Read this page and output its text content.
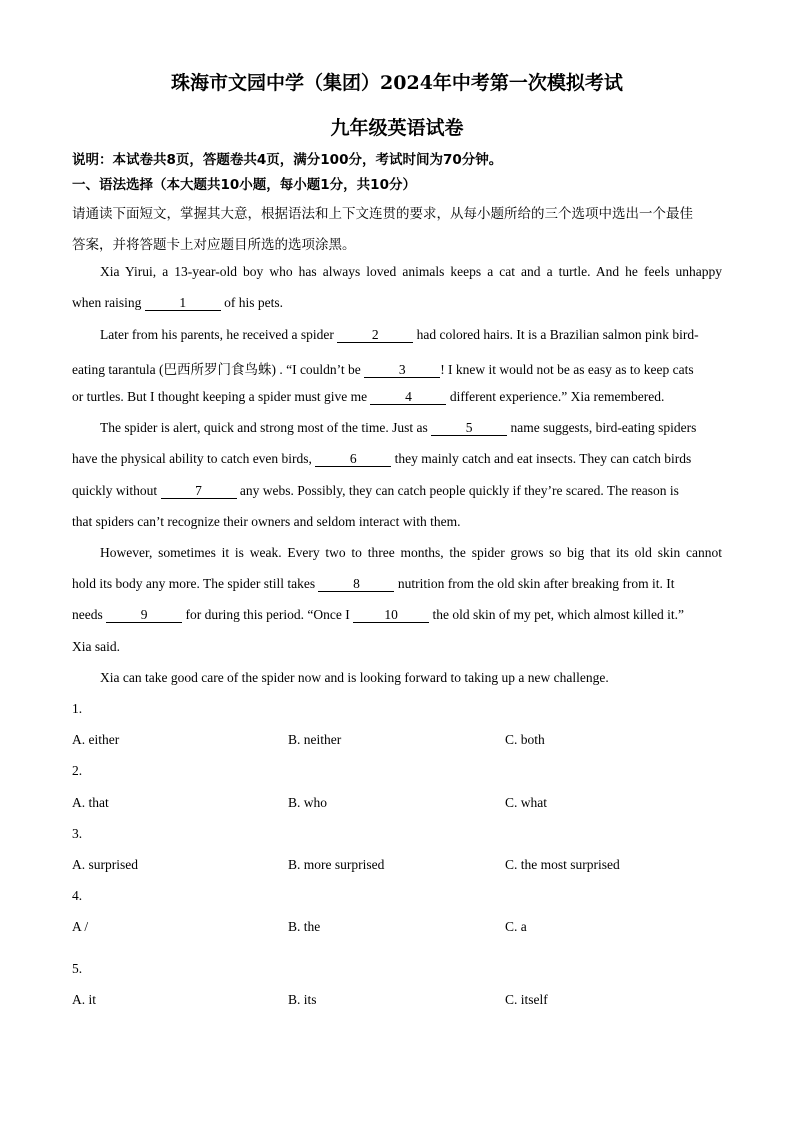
珠海市文园中学（集团）2024年中考第一次模拟考试
九年级英语试卷
说明：本试卷共8页，答题卷共4页，满分100分，考试时间为70分钟。
一、语法选择（本大题共10小题，每小题1分，共10分）
请通读下面短文，掌握其大意，根据语法和上下文连贯的要求，从每小题所给的三个选项中选出一个最佳
答案，并将答题卡上对应题目所选的选项涂黑。
Xia Yirui, a 13-year-old boy who has always loved animals keeps a cat and a turtle. And he feels unhappy
when raising	1	of his pets.
Later from his parents, he received a spider	2	had colored hairs. It is a Brazilian salmon pink bird-
eating tarantula (巴西所罗门食鸟蛛) . “I couldn’t be	3	! I knew it would not be as easy as to keep cats
or turtles. But I thought keeping a spider must give me	4	different experience.” Xia remembered.
The spider is alert, quick and strong most of the time. Just as	5	name suggests, bird-eating spiders
have the physical ability to catch even birds,	6	they mainly catch and eat insects. They can catch birds
quickly without	7	any webs. Possibly, they can catch people quickly if they’re scared. The reason is
that spiders can’t recognize their owners and seldom interact with them.
However, sometimes it is weak. Every two to three months, the spider grows so big that its old skin cannot
hold its body any more. The spider still takes	8	nutrition from the old skin after breaking from it. It
needs	9	for during this period. “Once I 10 the old skin of my pet, which almost killed it.”
Xia said.
Xia can take good care of the spider now and is looking forward to taking up a new challenge.
1.
A. either	B. neither	C. both
2.
A. that	B. who	C. what
3.
A. surprised	B. more surprised	C. the most surprised
4.
A /	B. the	C. a
5.
A. it	B. its	C. itself
